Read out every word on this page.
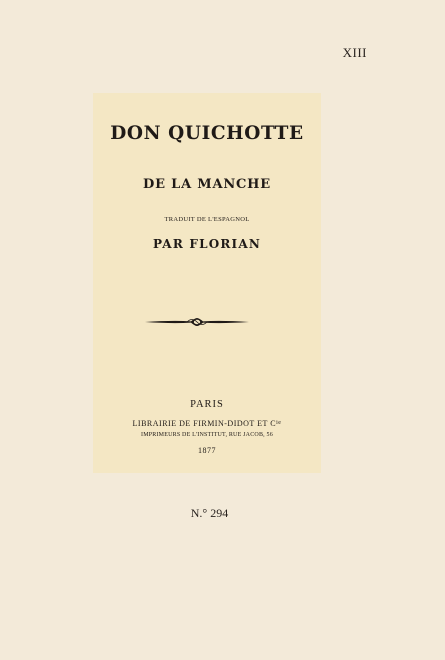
XIII
DON QUICHOTTE
DE LA MANCHE
TRADUIT DE L'ESPAGNOL
PAR FLORIAN
PARIS
LIBRAIRIE DE FIRMIN-DIDOT ET $C^{ie}$
IMPRIMEURS DE L'INSTITUT, RUE JACOB, 56
1877
N.° 294
